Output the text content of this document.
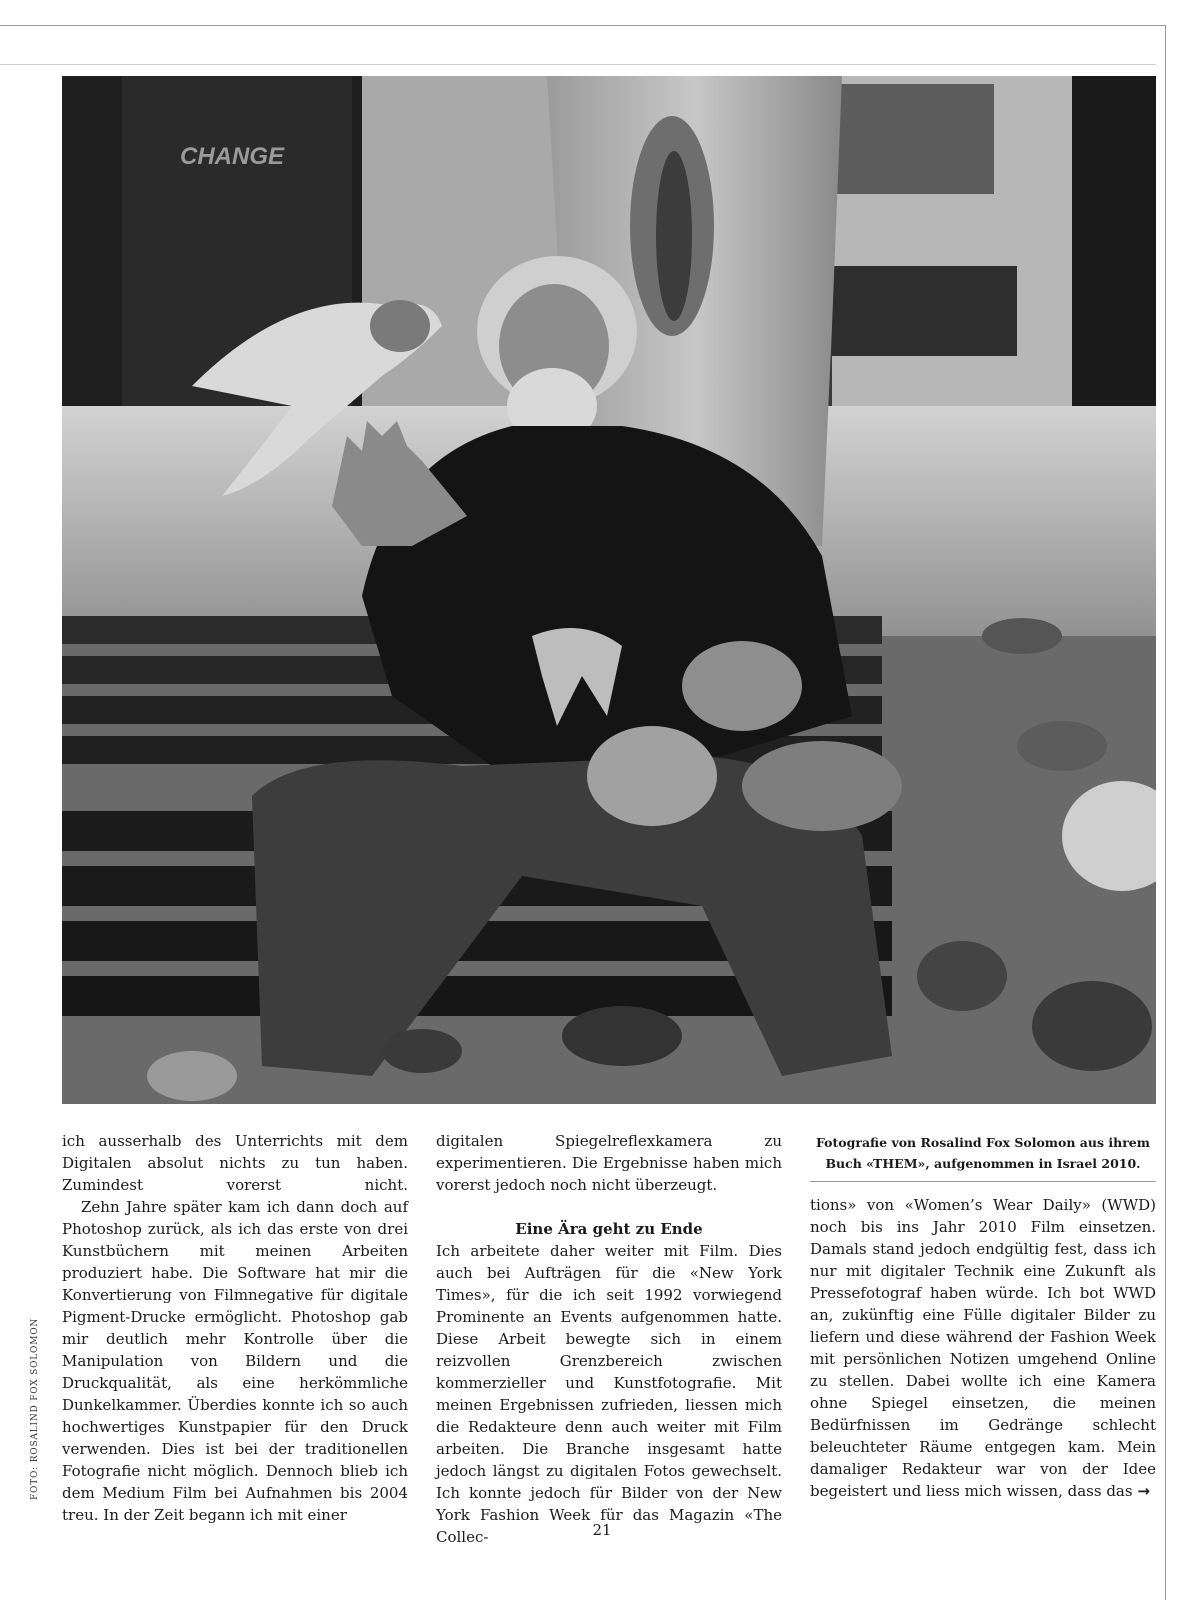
CHANGE
FOTO: ROSALIND FOX SOLOMON

ich ausserhalb des Unterrichts mit dem Digitalen absolut nichts zu tun haben. Zumindest vorerst nicht.

Zehn Jahre später kam ich dann doch auf Photoshop zurück, als ich das erste von drei Kunstbüchern mit meinen Arbeiten produziert habe. Die Software hat mir die Konvertierung von Filmnegative für digitale Pigment-Drucke ermöglicht. Photoshop gab mir deutlich mehr Kontrolle über die Manipulation von Bildern und die Druckqualität, als eine herkömmliche Dunkelkammer. Überdies konnte ich so auch hochwertiges Kunstpapier für den Druck verwenden. Dies ist bei der traditionellen Fotografie nicht möglich. Dennoch blieb ich dem Medium Film bei Aufnahmen bis 2004 treu. In der Zeit begann ich mit einer

digitalen Spiegelreflexkamera zu experimentieren. Die Ergebnisse haben mich vorerst jedoch noch nicht überzeugt.

Eine Ära geht zu Ende

Ich arbeitete daher weiter mit Film. Dies auch bei Aufträgen für die «New York Times», für die ich seit 1992 vorwiegend Prominente an Events aufgenommen hatte. Diese Arbeit bewegte sich in einem reizvollen Grenzbereich zwischen kommerzieller und Kunstfotografie. Mit meinen Ergebnissen zufrieden, liessen mich die Redakteure denn auch weiter mit Film arbeiten. Die Branche insgesamt hatte jedoch längst zu digitalen Fotos gewechselt. Ich konnte jedoch für Bilder von der New York Fashion Week für das Magazin «The Collec-

Fotografie von Rosalind Fox Solomon aus ihrem Buch «THEM», aufgenommen in Israel 2010.

tions» von «Women’s Wear Daily» (WWD) noch bis ins Jahr 2010 Film einsetzen. Damals stand jedoch endgültig fest, dass ich nur mit digitaler Technik eine Zukunft als Pressefotograf haben würde. Ich bot WWD an, zukünftig eine Fülle digitaler Bilder zu liefern und diese während der Fashion Week mit persönlichen Notizen umgehend Online zu stellen. Dabei wollte ich eine Kamera ohne Spiegel einsetzen, die meinen Bedürfnissen im Gedränge schlecht beleuchteter Räume entgegen kam. Mein damaliger Redakteur war von der Idee begeistert und liess mich wissen, dass das →

21
